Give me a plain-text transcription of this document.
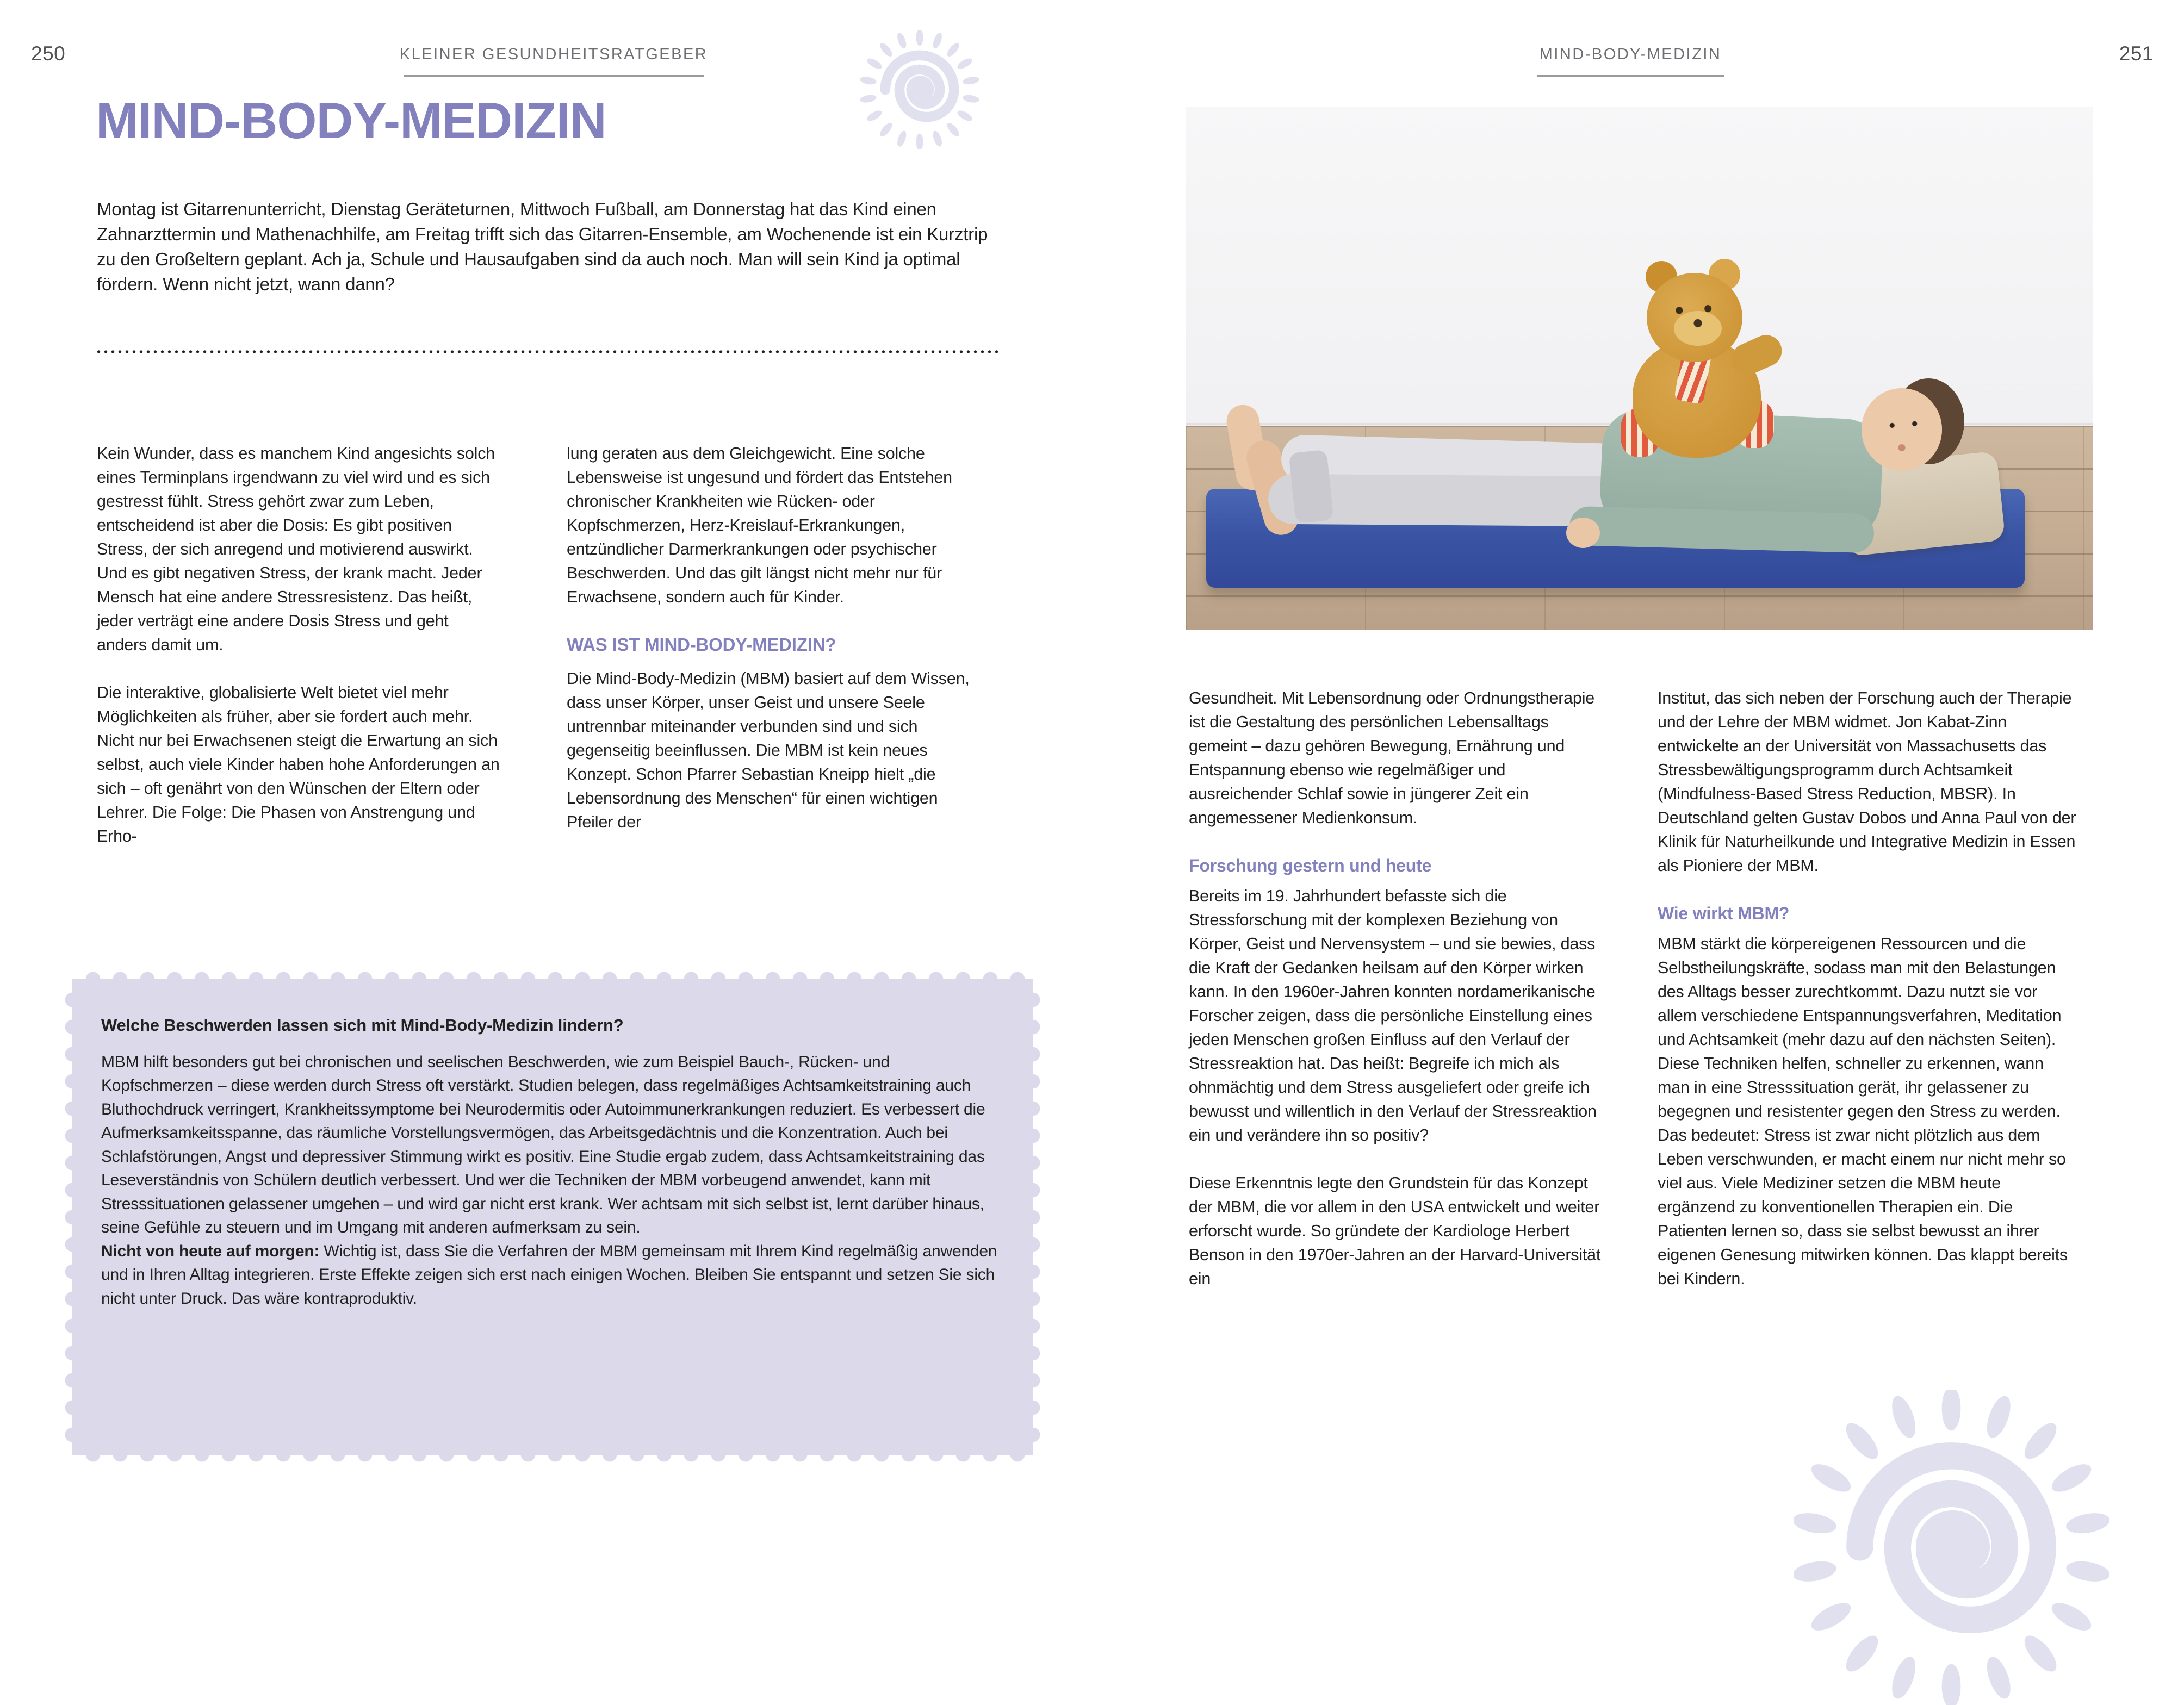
250	KLEINER GESUNDHEITSRATGEBER
MIND-BODY-MEDIZIN
Montag ist Gitarrenunterricht, Dienstag Geräteturnen, Mittwoch Fußball, am Donnerstag hat das Kind einen Zahnarzttermin und Mathenachhilfe, am Freitag trifft sich das Gitarren-Ensemble, am Wochenende ist ein Kurztrip zu den Großeltern geplant. Ach ja, Schule und Hausaufgaben sind da auch noch. Man will sein Kind ja optimal fördern. Wenn nicht jetzt, wann dann?

Kein Wunder, dass es manchem Kind angesichts solch eines Terminplans irgendwann zu viel wird und es sich gestresst fühlt. Stress gehört zwar zum Leben, entscheidend ist aber die Dosis: Es gibt positiven Stress, der sich anregend und motivierend auswirkt. Und es gibt negativen Stress, der krank macht. Jeder Mensch hat eine andere Stressresistenz. Das heißt, jeder verträgt eine andere Dosis Stress und geht anders damit um.

Die interaktive, globalisierte Welt bietet viel mehr Möglichkeiten als früher, aber sie fordert auch mehr. Nicht nur bei Erwachsenen steigt die Erwartung an sich selbst, auch viele Kinder haben hohe Anforderungen an sich – oft genährt von den Wünschen der Eltern oder Lehrer. Die Folge: Die Phasen von Anstrengung und Erho-

lung geraten aus dem Gleichgewicht. Eine solche Lebensweise ist ungesund und fördert das Entstehen chronischer Krankheiten wie Rücken- oder Kopfschmerzen, Herz-Kreislauf-Erkrankungen, entzündlicher Darmerkrankungen oder psychischer Beschwerden. Und das gilt längst nicht mehr nur für Erwachsene, sondern auch für Kinder.

WAS IST MIND-BODY-MEDIZIN?

Die Mind-Body-Medizin (MBM) basiert auf dem Wissen, dass unser Körper, unser Geist und unsere Seele untrennbar miteinander verbunden sind und sich gegenseitig beeinflussen. Die MBM ist kein neues Konzept. Schon Pfarrer Sebastian Kneipp hielt „die Lebensordnung des Menschen“ für einen wichtigen Pfeiler der

Welche Beschwerden lassen sich mit Mind-Body-Medizin lindern?
MBM hilft besonders gut bei chronischen und seelischen Beschwerden, wie zum Beispiel Bauch-, Rücken- und Kopfschmerzen – diese werden durch Stress oft verstärkt. Studien belegen, dass regelmäßiges Achtsamkeitstraining auch Bluthochdruck verringert, Krankheitssymptome bei Neurodermitis oder Autoimmunerkrankungen reduziert. Es verbessert die Aufmerksamkeitsspanne, das räumliche Vorstellungsvermögen, das Arbeitsgedächtnis und die Konzentration. Auch bei Schlafstörungen, Angst und depressiver Stimmung wirkt es positiv. Eine Studie ergab zudem, dass Achtsamkeitstraining das Leseverständnis von Schülern deutlich verbessert. Und wer die Techniken der MBM vorbeugend anwendet, kann mit Stresssituationen gelassener umgehen – und wird gar nicht erst krank. Wer achtsam mit sich selbst ist, lernt darüber hinaus, seine Gefühle zu steuern und im Umgang mit anderen aufmerksam zu sein.
Nicht von heute auf morgen: Wichtig ist, dass Sie die Verfahren der MBM gemeinsam mit Ihrem Kind regelmäßig anwenden und in Ihren Alltag integrieren. Erste Effekte zeigen sich erst nach einigen Wochen. Bleiben Sie entspannt und setzen Sie sich nicht unter Druck. Das wäre kontraproduktiv.
MIND-BODY-MEDIZIN	251

Gesundheit. Mit Lebensordnung oder Ordnungstherapie ist die Gestaltung des persönlichen Lebensalltags gemeint – dazu gehören Bewegung, Ernährung und Entspannung ebenso wie regelmäßiger und ausreichender Schlaf sowie in jüngerer Zeit ein angemessener Medienkonsum.

Forschung gestern und heute

Bereits im 19. Jahrhundert befasste sich die Stressforschung mit der komplexen Beziehung von Körper, Geist und Nervensystem – und sie bewies, dass die Kraft der Gedanken heilsam auf den Körper wirken kann. In den 1960er-Jahren konnten nordamerikanische Forscher zeigen, dass die persönliche Einstellung eines jeden Menschen großen Einfluss auf den Verlauf der Stressreaktion hat. Das heißt: Begreife ich mich als ohnmächtig und dem Stress ausgeliefert oder greife ich bewusst und willentlich in den Verlauf der Stressreaktion ein und verändere ihn so positiv?

Diese Erkenntnis legte den Grundstein für das Konzept der MBM, die vor allem in den USA entwickelt und weiter erforscht wurde. So gründete der Kardiologe Herbert Benson in den 1970er-Jahren an der Harvard-Universität ein

Institut, das sich neben der Forschung auch der Therapie und der Lehre der MBM widmet. Jon Kabat-Zinn entwickelte an der Universität von Massachusetts das Stressbewältigungsprogramm durch Achtsamkeit (Mindfulness-Based Stress Reduction, MBSR). In Deutschland gelten Gustav Dobos und Anna Paul von der Klinik für Naturheilkunde und Integrative Medizin in Essen als Pioniere der MBM.

Wie wirkt MBM?

MBM stärkt die körpereigenen Ressourcen und die Selbstheilungskräfte, sodass man mit den Belastungen des Alltags besser zurechtkommt. Dazu nutzt sie vor allem verschiedene Entspannungsverfahren, Meditation und Achtsamkeit (mehr dazu auf den nächsten Seiten). Diese Techniken helfen, schneller zu erkennen, wann man in eine Stresssituation gerät, ihr gelassener zu begegnen und resistenter gegen den Stress zu werden. Das bedeutet: Stress ist zwar nicht plötzlich aus dem Leben verschwunden, er macht einem nur nicht mehr so viel aus. Viele Mediziner setzen die MBM heute ergänzend zu konventionellen Therapien ein. Die Patienten lernen so, dass sie selbst bewusst an ihrer eigenen Genesung mitwirken können. Das klappt bereits bei Kindern.
